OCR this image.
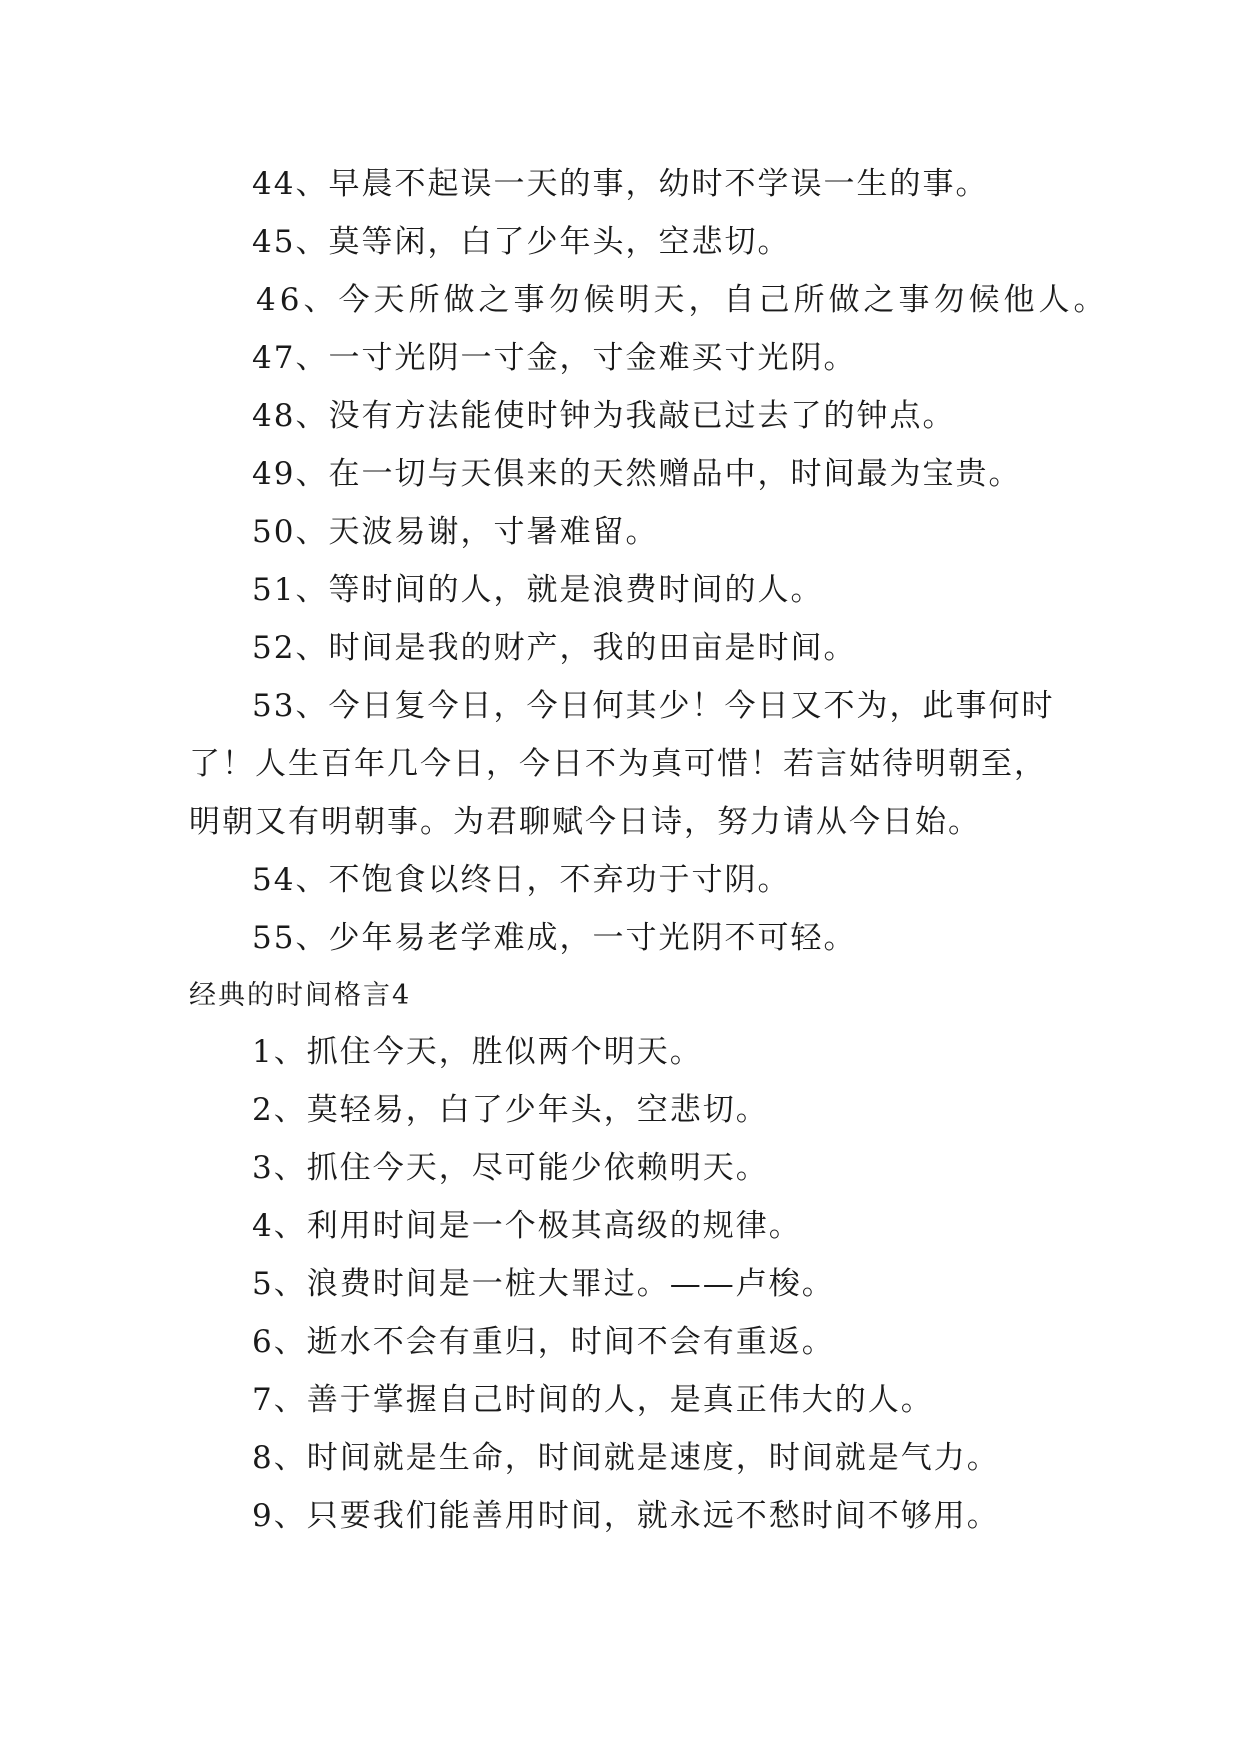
44、早晨不起误一天的事，幼时不学误一生的事。
45、莫等闲，白了少年头，空悲切。
46、今天所做之事勿候明天，自己所做之事勿候他人。
47、一寸光阴一寸金，寸金难买寸光阴。
48、没有方法能使时钟为我敲已过去了的钟点。
49、在一切与天俱来的天然赠品中，时间最为宝贵。
50、天波易谢，寸暑难留。
51、等时间的人，就是浪费时间的人。
52、时间是我的财产，我的田亩是时间。
53、今日复今日，今日何其少！今日又不为，此事何时
了！人生百年几今日，今日不为真可惜！若言姑待明朝至，
明朝又有明朝事。为君聊赋今日诗，努力请从今日始。
54、不饱食以终日，不弃功于寸阴。
55、少年易老学难成，一寸光阴不可轻。
经典的时间格言4
1、抓住今天，胜似两个明天。
2、莫轻易，白了少年头，空悲切。
3、抓住今天，尽可能少依赖明天。
4、利用时间是一个极其高级的规律。
5、浪费时间是一桩大罪过。——卢梭。
6、逝水不会有重归，时间不会有重返。
7、善于掌握自己时间的人，是真正伟大的人。
8、时间就是生命，时间就是速度，时间就是气力。
9、只要我们能善用时间，就永远不愁时间不够用。
